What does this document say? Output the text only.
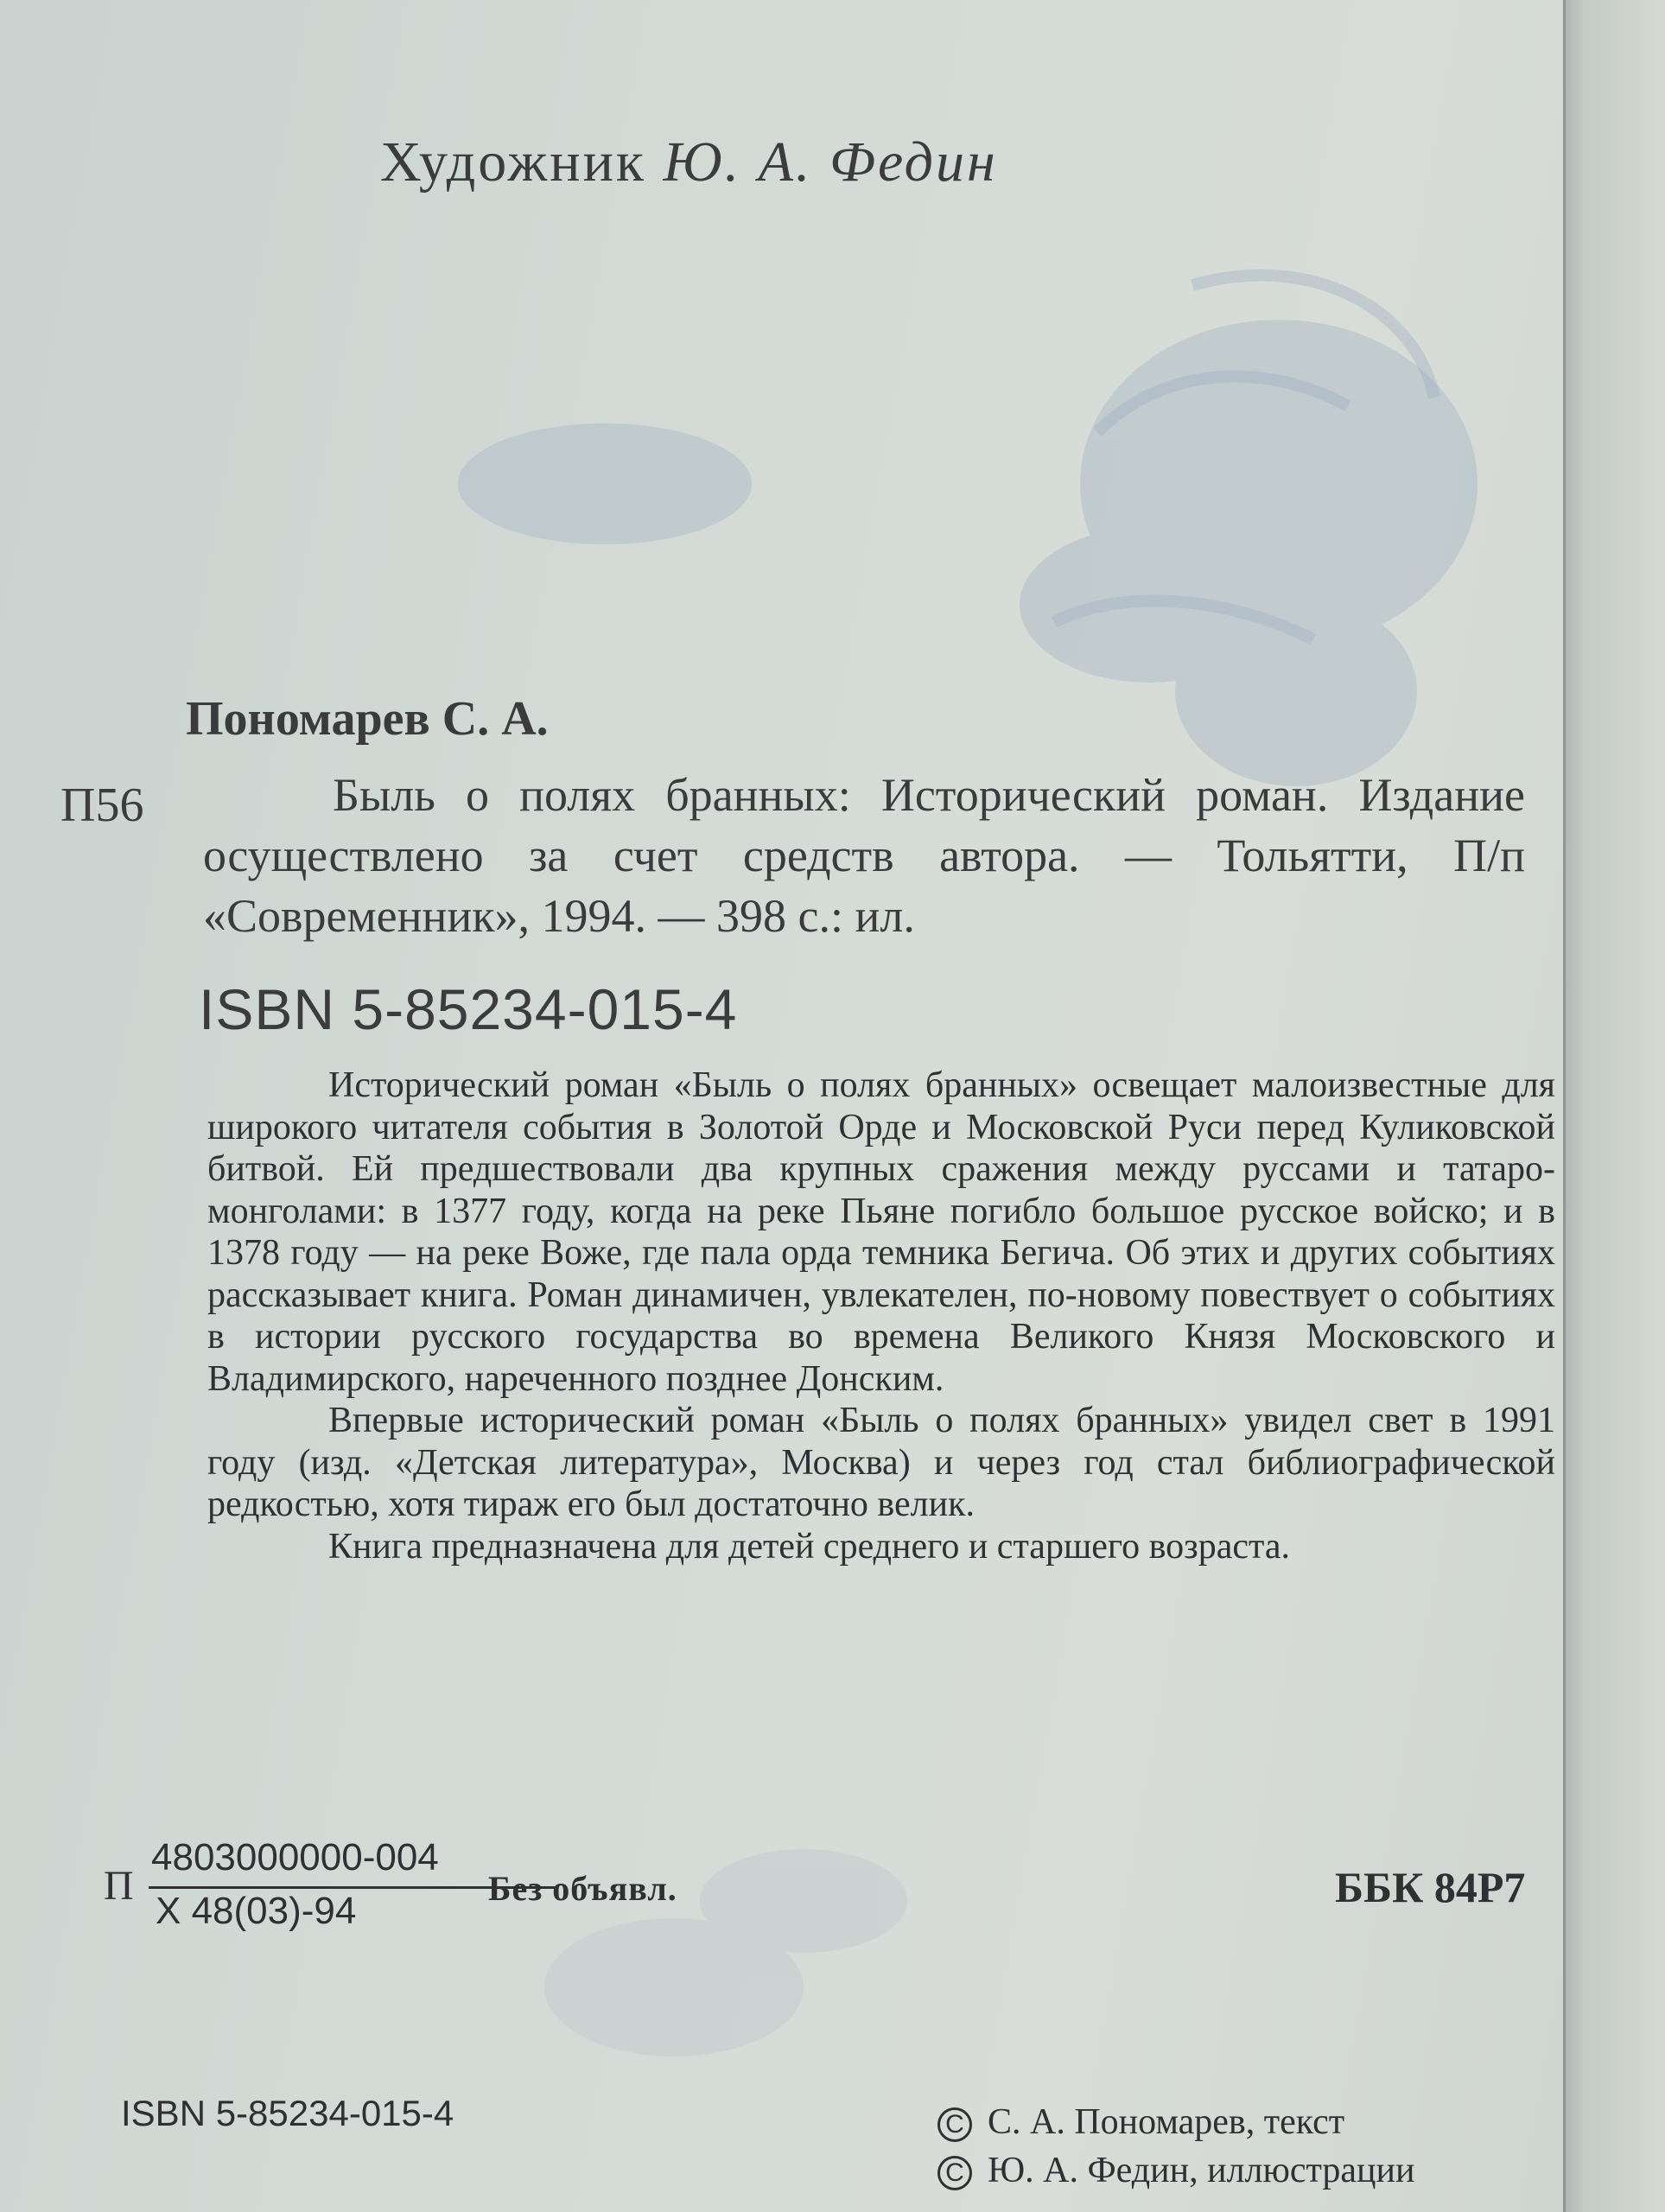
Художник Ю. А. Федин
Пономарев С. А.
П56	Быль о полях бранных: Исторический роман. Издание осуществлено за счет средств автора. — Тольятти, П/п «Современник», 1994. — 398 с.: ил.
ISBN 5-85234-015-4

Исторический роман «Быль о полях бранных» освещает малоизвестные для широкого читателя события в Золотой Орде и Московской Руси перед Куликовской битвой. Ей предшествовали два крупных сражения между руссами и татаро-монголами: в 1377 году, когда на реке Пьяне погибло большое русское войско; и в 1378 году — на реке Воже, где пала орда темника Бегича. Об этих и других событиях рассказывает книга. Роман динамичен, увлекателен, по-новому повествует о событиях в истории русского государства во времена Великого Князя Московского и Владимирского, нареченного позднее Донским.

Впервые исторический роман «Быль о полях бранных» увидел свет в 1991 году (изд. «Детская литература», Москва) и через год стал библиографической редкостью, хотя тираж его был достаточно велик.

Книга предназначена для детей среднего и старшего возраста.

П
4803000000-004
Х 48(03)-94
Без объявл.	ББК 84Р7
ISBN 5-85234-015-4	С С. А. Пономарев, текст
С Ю. А. Федин, иллюстрации
